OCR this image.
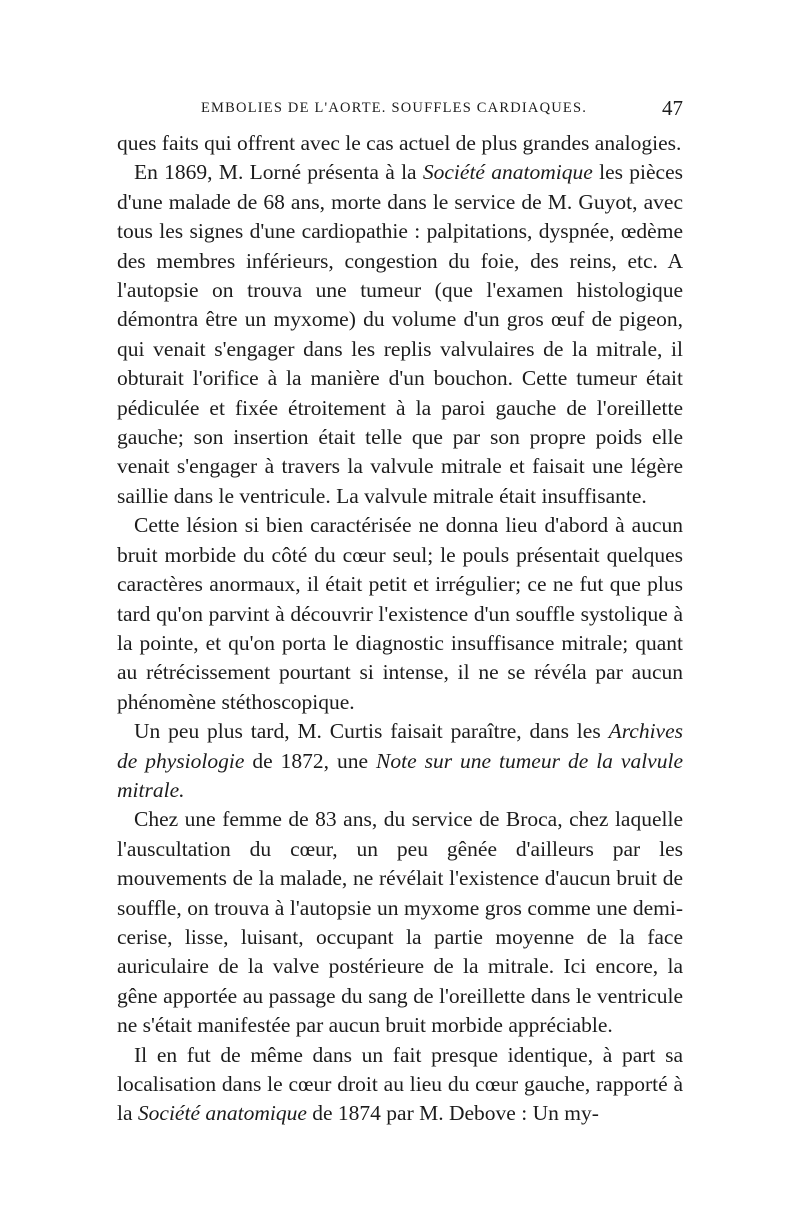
EMBOLIES DE L'AORTE. SOUFFLES CARDIAQUES.	47

ques faits qui offrent avec le cas actuel de plus grandes analogies.

En 1869, M. Lorné présenta à la Société anatomique les pièces d'une malade de 68 ans, morte dans le service de M. Guyot, avec tous les signes d'une cardiopathie : palpitations, dyspnée, œdème des membres inférieurs, congestion du foie, des reins, etc. A l'autopsie on trouva une tumeur (que l'examen histologique démontra être un myxome) du volume d'un gros œuf de pigeon, qui venait s'engager dans les replis valvulaires de la mitrale, il obturait l'orifice à la manière d'un bouchon. Cette tumeur était pédiculée et fixée étroitement à la paroi gauche de l'oreillette gauche; son insertion était telle que par son propre poids elle venait s'engager à travers la valvule mitrale et faisait une légère saillie dans le ventricule. La valvule mitrale était insuffisante.

Cette lésion si bien caractérisée ne donna lieu d'abord à aucun bruit morbide du côté du cœur seul; le pouls présentait quelques caractères anormaux, il était petit et irrégulier; ce ne fut que plus tard qu'on parvint à découvrir l'existence d'un souffle systolique à la pointe, et qu'on porta le diagnostic insuffisance mitrale; quant au rétrécissement pourtant si intense, il ne se révéla par aucun phénomène stéthoscopique.

Un peu plus tard, M. Curtis faisait paraître, dans les Archives de physiologie de 1872, une Note sur une tumeur de la valvule mitrale.

Chez une femme de 83 ans, du service de Broca, chez laquelle l'auscultation du cœur, un peu gênée d'ailleurs par les mouvements de la malade, ne révélait l'existence d'aucun bruit de souffle, on trouva à l'autopsie un myxome gros comme une demi-cerise, lisse, luisant, occupant la partie moyenne de la face auriculaire de la valve postérieure de la mitrale. Ici encore, la gêne apportée au passage du sang de l'oreillette dans le ventricule ne s'était manifestée par aucun bruit morbide appréciable.

Il en fut de même dans un fait presque identique, à part sa localisation dans le cœur droit au lieu du cœur gauche, rapporté à la Société anatomique de 1874 par M. Debove : Un my-
